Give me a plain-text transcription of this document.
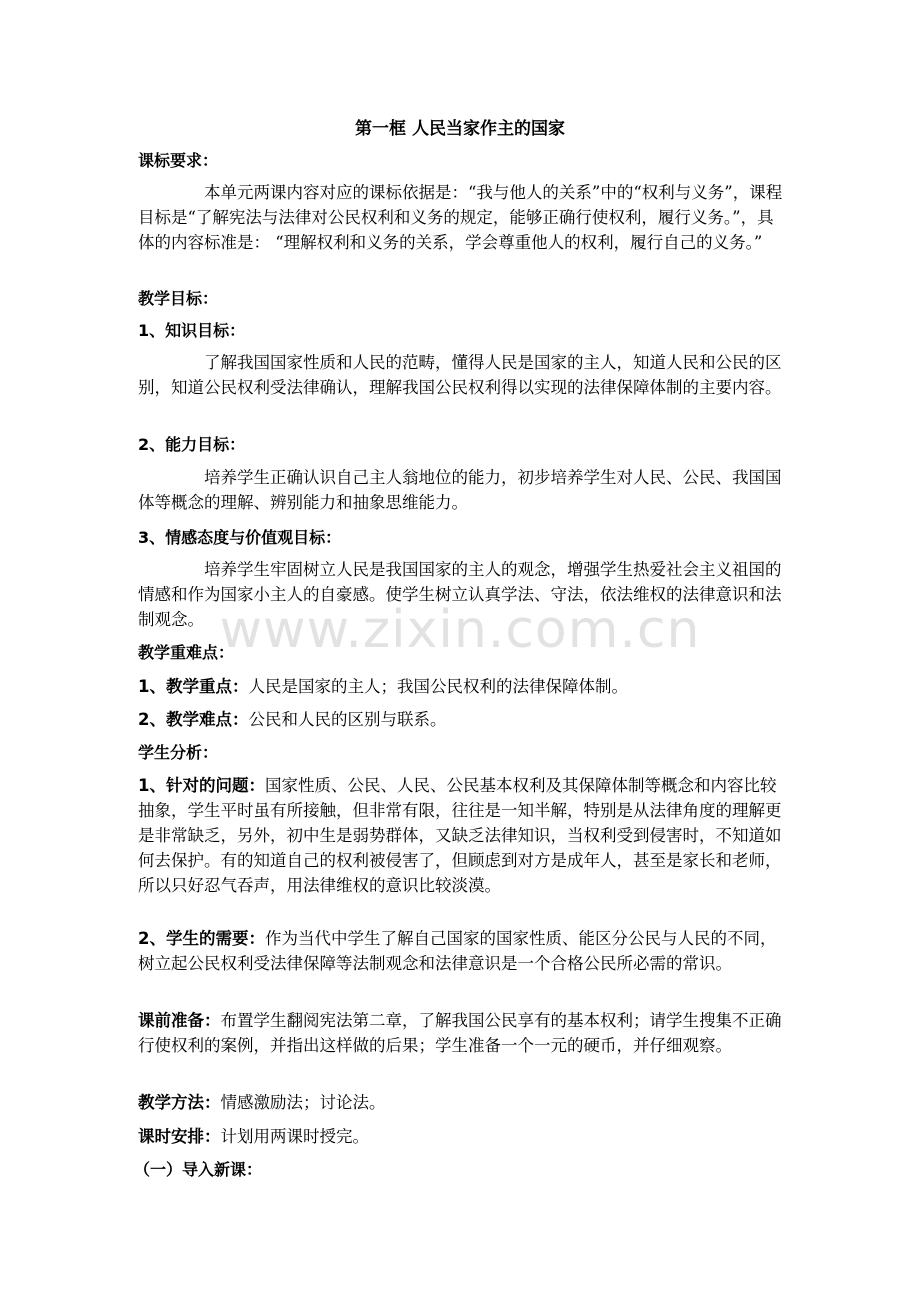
第一框 人民当家作主的国家
课标要求：
本单元两课内容对应的课标依据是：“我与他人的关系”中的“权利与义务”，课程目标是“了解宪法与法律对公民权利和义务的规定，能够正确行使权利，履行义务。”，具体的内容标准是： “理解权利和义务的关系，学会尊重他人的权利，履行自己的义务。”
教学目标：
1、知识目标：
了解我国国家性质和人民的范畴，懂得人民是国家的主人，知道人民和公民的区别，知道公民权利受法律确认，理解我国公民权利得以实现的法律保障体制的主要内容。
2、能力目标：
培养学生正确认识自己主人翁地位的能力，初步培养学生对人民、公民、我国国体等概念的理解、辨别能力和抽象思维能力。
3、情感态度与价值观目标：
培养学生牢固树立人民是我国国家的主人的观念，增强学生热爱社会主义祖国的情感和作为国家小主人的自豪感。使学生树立认真学法、守法，依法维权的法律意识和法制观念。
教学重难点：
1、教学重点：人民是国家的主人；我国公民权利的法律保障体制。
2、教学难点：公民和人民的区别与联系。
学生分析：
1、针对的问题：国家性质、公民、人民、公民基本权利及其保障体制等概念和内容比较抽象，学生平时虽有所接触，但非常有限，往往是一知半解，特别是从法律角度的理解更是非常缺乏，另外，初中生是弱势群体，又缺乏法律知识，当权利受到侵害时，不知道如何去保护。有的知道自己的权利被侵害了，但顾虑到对方是成年人，甚至是家长和老师，所以只好忍气吞声，用法律维权的意识比较淡漠。
2、学生的需要：作为当代中学生了解自己国家的国家性质、能区分公民与人民的不同，树立起公民权利受法律保障等法制观念和法律意识是一个合格公民所必需的常识。
课前准备：布置学生翻阅宪法第二章，了解我国公民享有的基本权利；请学生搜集不正确行使权利的案例，并指出这样做的后果；学生准备一个一元的硬币，并仔细观察。
教学方法：情感激励法；讨论法。
课时安排：计划用两课时授完。
（一）导入新课：
www.zixin.com.cn
